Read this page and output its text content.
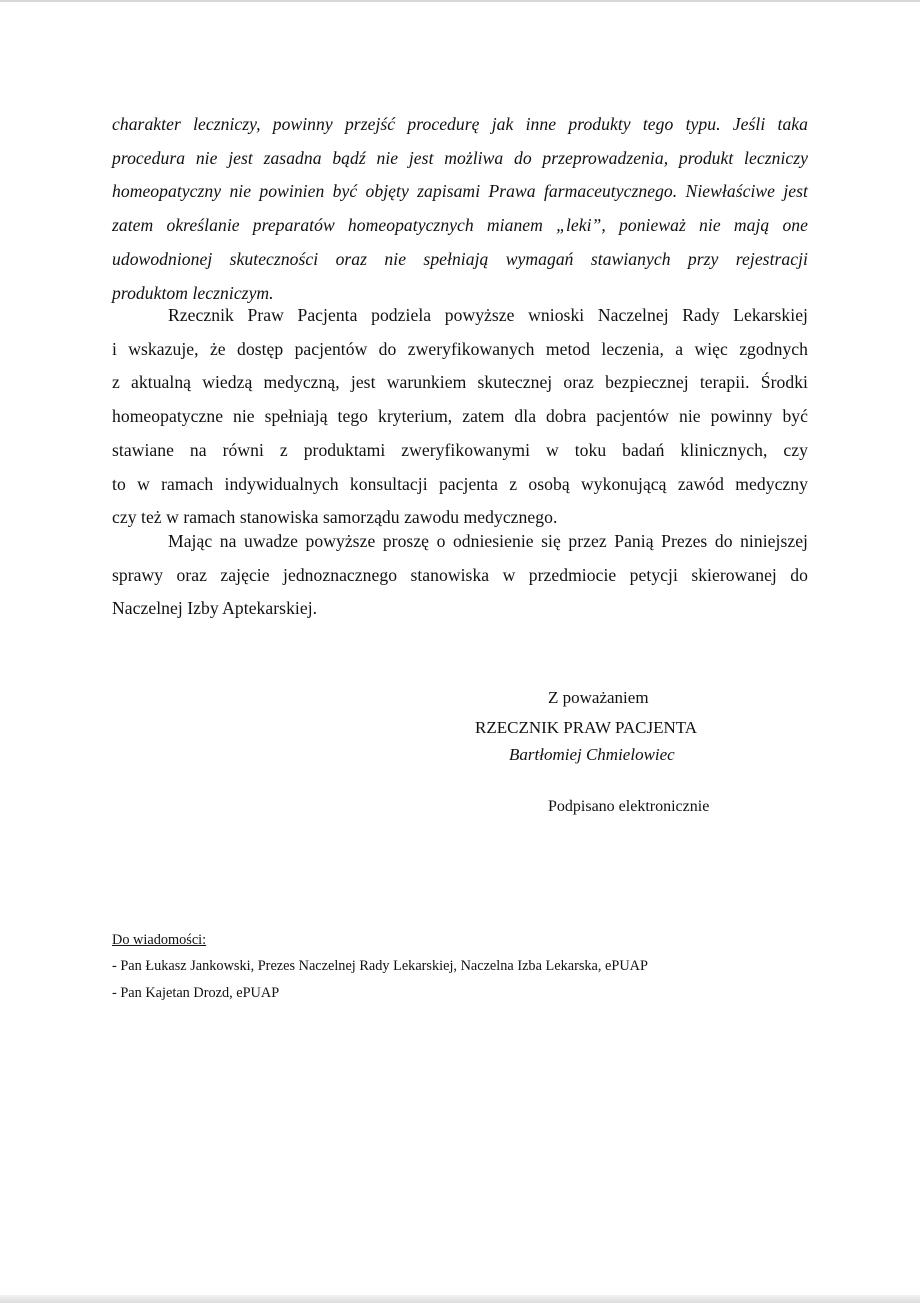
charakter leczniczy, powinny przejść procedurę jak inne produkty tego typu. Jeśli taka
procedura nie jest zasadna bądź nie jest możliwa do przeprowadzenia, produkt leczniczy
homeopatyczny nie powinien być objęty zapisami Prawa farmaceutycznego. Niewłaściwe jest
zatem określanie preparatów homeopatycznych mianem „leki”, ponieważ nie mają one
udowodnionej skuteczności oraz nie spełniają wymagań stawianych przy rejestracji
produktom leczniczym.
Rzecznik Praw Pacjenta podziela powyższe wnioski Naczelnej Rady Lekarskiej
i wskazuje, że dostęp pacjentów do zweryfikowanych metod leczenia, a więc zgodnych
z aktualną wiedzą medyczną, jest warunkiem skutecznej oraz bezpiecznej terapii. Środki
homeopatyczne nie spełniają tego kryterium, zatem dla dobra pacjentów nie powinny być
stawiane na równi z produktami zweryfikowanymi w toku badań klinicznych, czy
to w ramach indywidualnych konsultacji pacjenta z osobą wykonującą zawód medyczny
czy też w ramach stanowiska samorządu zawodu medycznego.
Mając na uwadze powyższe proszę o odniesienie się przez Panią Prezes do niniejszej
sprawy oraz zajęcie jednoznacznego stanowiska w przedmiocie petycji skierowanej do
Naczelnej Izby Aptekarskiej.
Z poważaniem
RZECZNIK PRAW PACJENTA
Bartłomiej Chmielowiec
Podpisano elektronicznie
Do wiadomości:
- Pan Łukasz Jankowski, Prezes Naczelnej Rady Lekarskiej, Naczelna Izba Lekarska, ePUAP
- Pan Kajetan Drozd, ePUAP
